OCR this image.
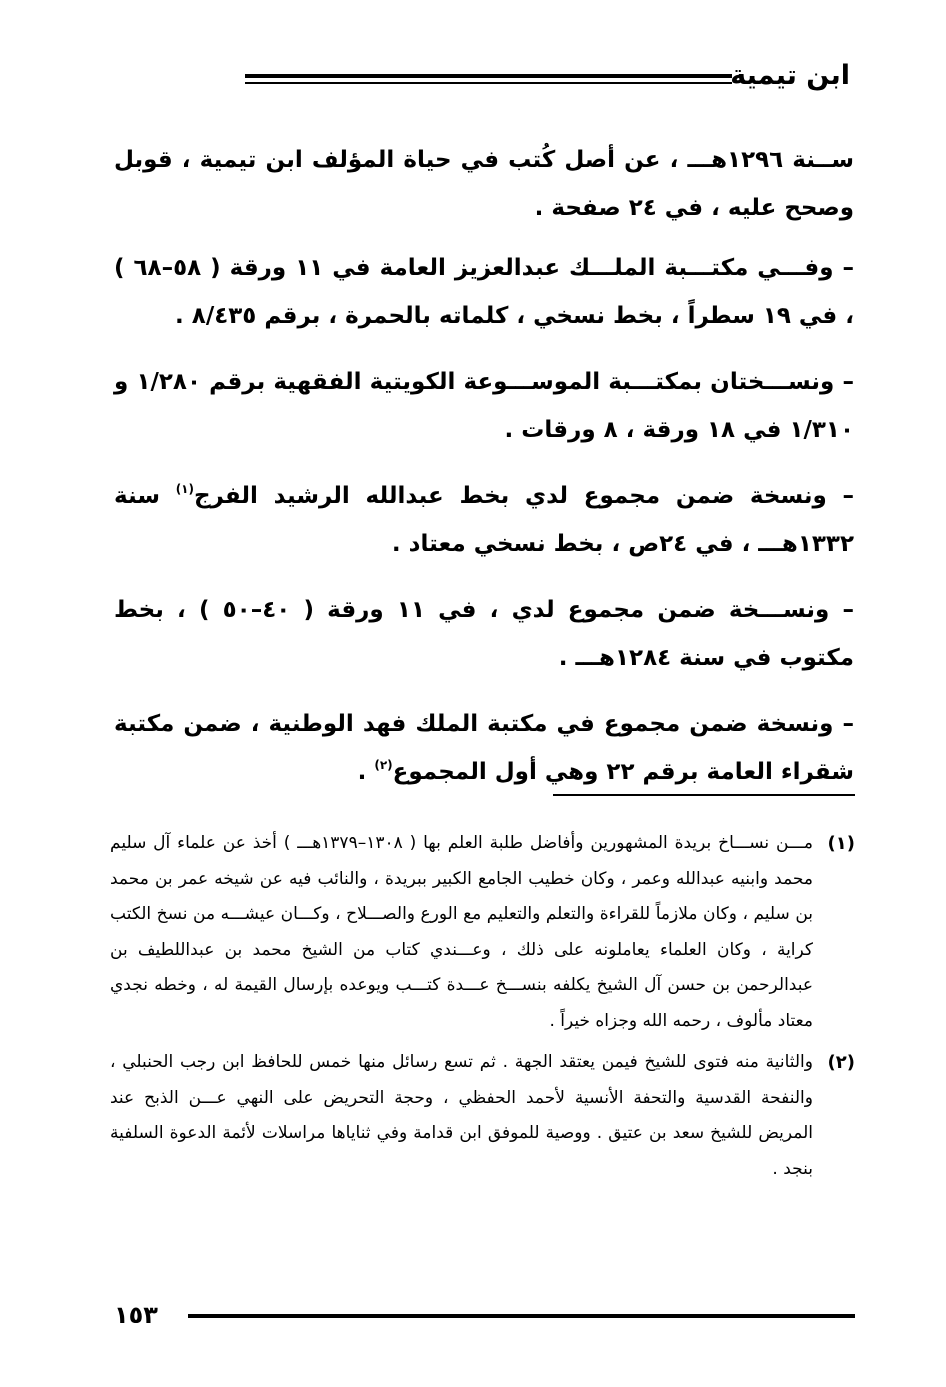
ابن تيمية

ســنة ١٢٩٦هـــ ، عن أصل كُتب في حياة المؤلف ابن تيمية ، قوبل وصحح عليه ، في ٢٤ صفحة .

– وفـــي مكتـــبة الملـــك عبدالعزيز العامة في ١١ ورقة ( ٥٨–٦٨ ) ، في ١٩ سطراً ، بخط نسخي ، كلماته بالحمرة ، برقم ٨/٤٣٥ .

– ونســـختان بمكتـــبة الموســـوعة الكويتية الفقهية برقم ١/٢٨٠ و ١/٣١٠ في ١٨ ورقة ، ٨ ورقات .

– ونسخة ضمن مجموع لدي بخط عبدالله الرشيد الفرج$^{(١)}$ سنة ١٣٣٢هـــ ، في ٢٤ص ، بخط نسخي معتاد .

– ونســـخة ضمن مجموع لدي ، في ١١ ورقة ( ٤٠–٥٠ ) ، بخط مكتوب في سنة ١٢٨٤هـــ .

– ونسخة ضمن مجموع في مكتبة الملك فهد الوطنية ، ضمن مكتبة شقراء العامة برقم ٢٢ وهي أول المجموع$^{(٢)}$ .

(١)
مـــن نســـاخ بريدة المشهورين وأفاضل طلبة العلم بها ( ١٣٠٨–١٣٧٩هـــ ) أخذ عن علماء آل سليم محمد وابنيه عبدالله وعمر ، وكان خطيب الجامع الكبير ببريدة ، والنائب فيه عن شيخه عمر بن محمد بن سليم ، وكان ملازماً للقراءة والتعلم والتعليم مع الورع والصـــلاح ، وكـــان عيشـــه من نسخ الكتب كراية ، وكان العلماء يعاملونه على ذلك ، وعـــندي كتاب من الشيخ محمد بن عبداللطيف بن عبدالرحمن بن حسن آل الشيخ يكلفه بنســـخ عـــدة كتـــب ويوعده بإرسال القيمة له ، وخطه نجدي معتاد مألوف ، رحمه الله وجزاه خيراً .
(٢)
والثانية منه فتوى للشيخ فيمن يعتقد الجهة . ثم تسع رسائل منها خمس للحافظ ابن رجب الحنبلي ، والنفحة القدسية والتحفة الأنسية لأحمد الحفظي ، وحجة التحريض على النهي عـــن الذبح عند المريض للشيخ سعد بن عتيق . ووصية للموفق ابن قدامة وفي ثناياها مراسلات لأئمة الدعوة السلفية بنجد .
١٥٣
